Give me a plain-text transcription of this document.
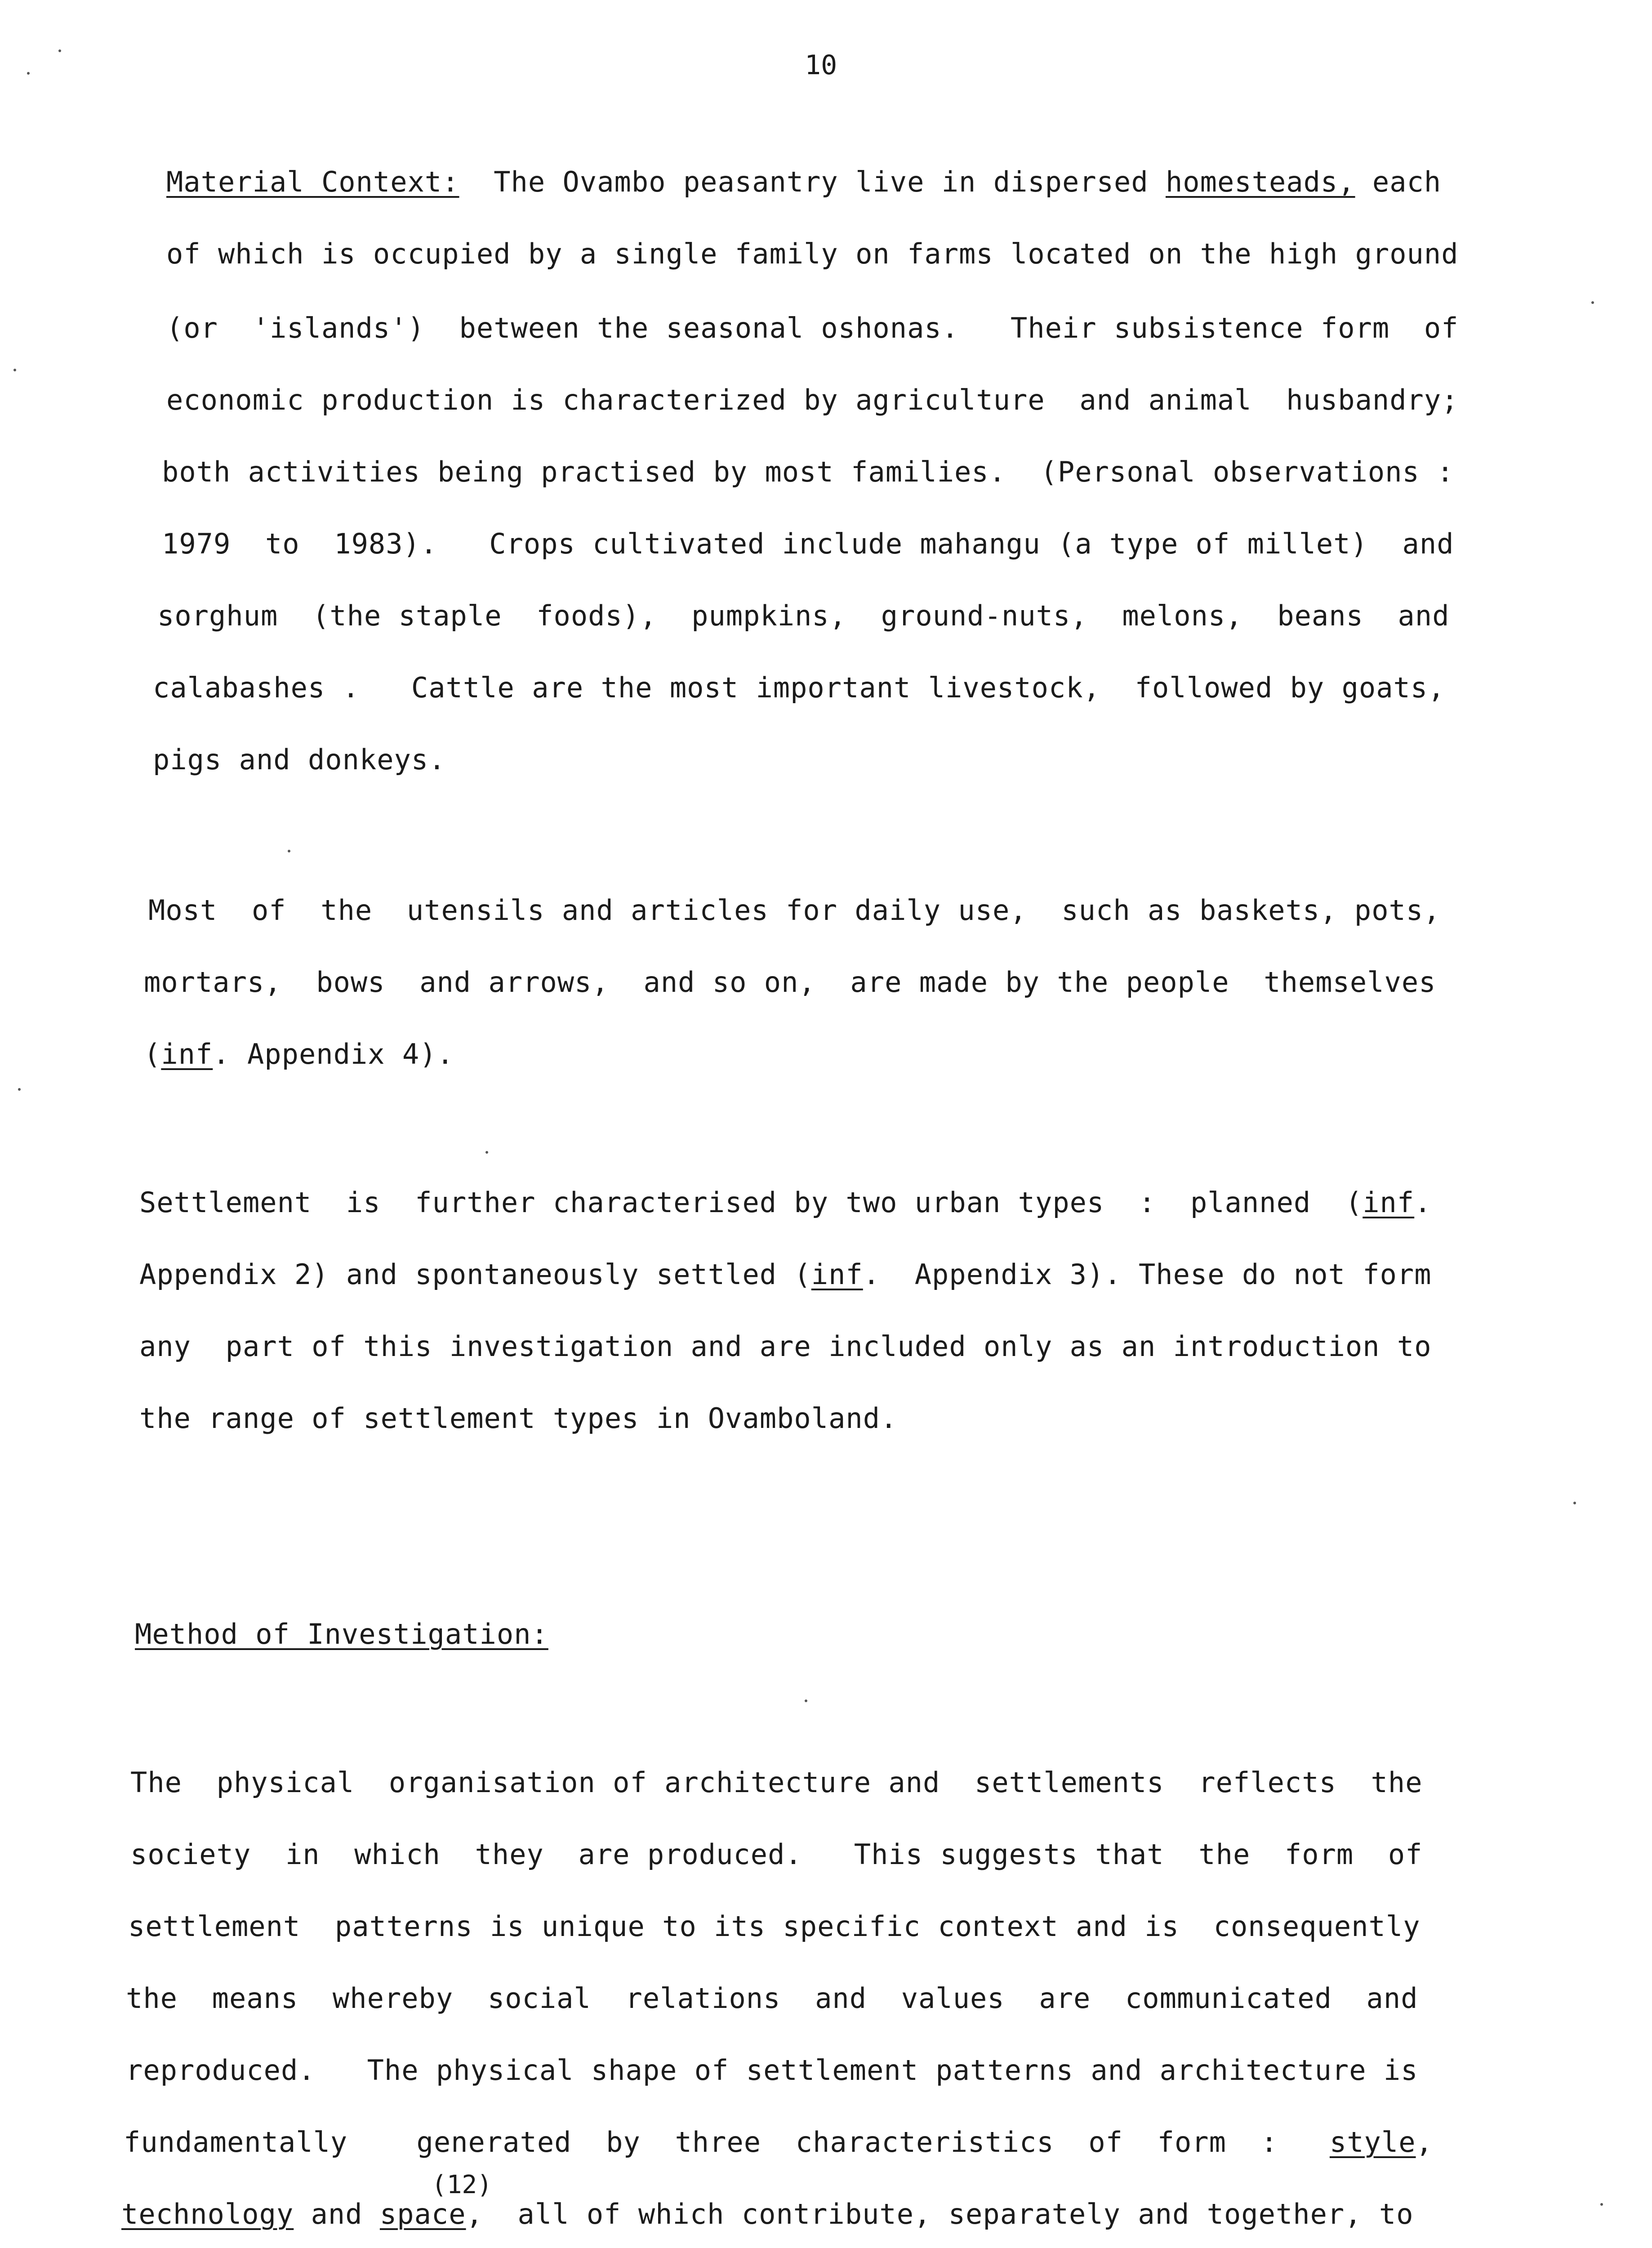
10
Material Context:  The Ovambo peasantry live in dispersed homesteads, each
of which is occupied by a single family on farms located on the high ground
(or  'islands')  between the seasonal oshonas.   Their subsistence form  of
economic production is characterized by agriculture  and animal  husbandry;
both activities being practised by most families.  (Personal observations :
1979  to  1983).   Crops cultivated include mahangu (a type of millet)  and
sorghum  (the staple  foods),  pumpkins,  ground-nuts,  melons,  beans  and
calabashes .   Cattle are the most important livestock,  followed by goats,
pigs and donkeys.
Most  of  the  utensils and articles for daily use,  such as baskets, pots,
mortars,  bows  and arrows,  and so on,  are made by the people  themselves
(inf. Appendix 4).
Settlement  is  further characterised by two urban types  :  planned  (inf.
Appendix 2) and spontaneously settled (inf.  Appendix 3). These do not form
any  part of this investigation and are included only as an introduction to
the range of settlement types in Ovamboland.
Method of Investigation:
The  physical  organisation of architecture and  settlements  reflects  the
society  in  which  they  are produced.   This suggests that  the  form  of
settlement  patterns is unique to its specific context and is  consequently
the  means  whereby  social  relations  and  values  are  communicated  and
reproduced.   The physical shape of settlement patterns and architecture is
fundamentally    generated  by  three  characteristics  of  form  :   style,
(12)
technology and space,  all of which contribute, separately and together, to
